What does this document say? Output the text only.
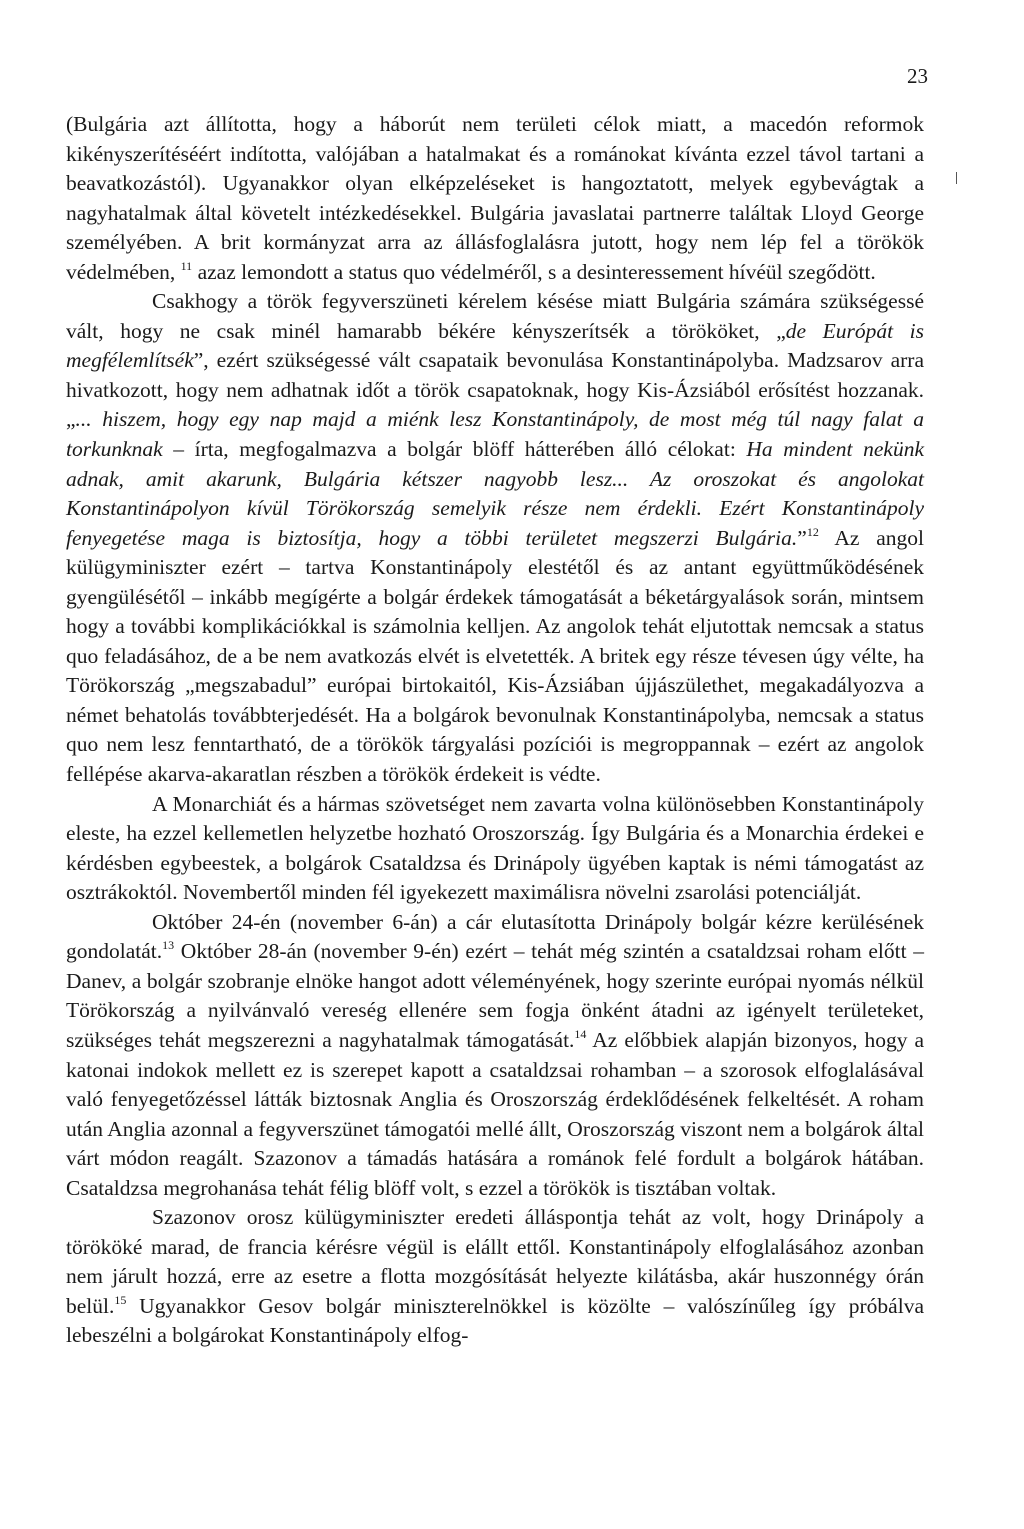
23

(Bulgária azt állította, hogy a háborút nem területi célok miatt, a macedón reformok kikényszerítéséért indította, valójában a hatalmakat és a románokat kívánta ezzel távol tartani a beavatkozástól). Ugyanakkor olyan elképzeléseket is hangoztatott, melyek egybevágtak a nagyhatalmak által követelt intézkedésekkel. Bulgária javaslatai partnerre találtak Lloyd George személyében. A brit kormányzat arra az állásfoglalásra jutott, hogy nem lép fel a törökök védelmében, $^{11}$ azaz lemondott a status quo védelméről, s a desinteressement hívéül szegődött.

Csakhogy a török fegyverszüneti kérelem késése miatt Bulgária számára szükségessé vált, hogy ne csak minél hamarabb békére kényszerítsék a törököket, „de Európát is megfélemlítsék”, ezért szükségessé vált csapataik bevonulása Konstantinápolyba. Madzsarov arra hivatkozott, hogy nem adhatnak időt a török csapatoknak, hogy Kis-Ázsiából erősítést hozzanak. „... hiszem, hogy egy nap majd a miénk lesz Konstantinápoly, de most még túl nagy falat a torkunknak – írta, megfogalmazva a bolgár blöff hátterében álló célokat: Ha mindent nekünk adnak, amit akarunk, Bulgária kétszer nagyobb lesz... Az oroszokat és angolokat Konstantinápolyon kívül Törökország semelyik része nem érdekli. Ezért Konstantinápoly fenyegetése maga is biztosítja, hogy a többi területet megszerzi Bulgária.”$^{12}$ Az angol külügyminiszter ezért – tartva Konstantinápoly elestétől és az antant együttműködésének gyengülésétől – inkább megígérte a bolgár érdekek támogatását a béketárgyalások során, mintsem hogy a további komplikációkkal is számolnia kelljen. Az angolok tehát eljutottak nemcsak a status quo feladásához, de a be nem avatkozás elvét is elvetették. A britek egy része tévesen úgy vélte, ha Törökország „megszabadul” európai birtokaitól, Kis-Ázsiában újjászülethet, megakadályozva a német behatolás továbbterjedését. Ha a bolgárok bevonulnak Konstantinápolyba, nemcsak a status quo nem lesz fenntartható, de a törökök tárgyalási pozíciói is megroppannak – ezért az angolok fellépése akarva-akaratlan részben a törökök érdekeit is védte.

A Monarchiát és a hármas szövetséget nem zavarta volna különösebben Konstantinápoly eleste, ha ezzel kellemetlen helyzetbe hozható Oroszország. Így Bulgária és a Monarchia érdekei e kérdésben egybeestek, a bolgárok Csataldzsa és Drinápoly ügyében kaptak is némi támogatást az osztrákoktól. Novembertől minden fél igyekezett maximálisra növelni zsarolási potenciálját.

Október 24-én (november 6-án) a cár elutasította Drinápoly bolgár kézre kerülésének gondolatát.$^{13}$ Október 28-án (november 9-én) ezért – tehát még szintén a csataldzsai roham előtt – Danev, a bolgár szobranje elnöke hangot adott véleményének, hogy szerinte európai nyomás nélkül Törökország a nyilvánvaló vereség ellenére sem fogja önként átadni az igényelt területeket, szükséges tehát megszerezni a nagyhatalmak támogatását.$^{14}$ Az előbbiek alapján bizonyos, hogy a katonai indokok mellett ez is szerepet kapott a csataldzsai rohamban – a szorosok elfoglalásával való fenyegetőzéssel látták biztosnak Anglia és Oroszország érdeklődésének felkeltését. A roham után Anglia azonnal a fegyverszünet támogatói mellé állt, Oroszország viszont nem a bolgárok által várt módon reagált. Szazonov a támadás hatására a románok felé fordult a bolgárok hátában. Csataldzsa megrohanása tehát félig blöff volt, s ezzel a törökök is tisztában voltak.

Szazonov orosz külügyminiszter eredeti álláspontja tehát az volt, hogy Drinápoly a törököké marad, de francia kérésre végül is elállt ettől. Konstantinápoly elfoglalásához azonban nem járult hozzá, erre az esetre a flotta mozgósítását helyezte kilátásba, akár huszonnégy órán belül.$^{15}$ Ugyanakkor Gesov bolgár miniszterelnökkel is közölte – valószínűleg így próbálva lebeszélni a bolgárokat Konstantinápoly elfog-
